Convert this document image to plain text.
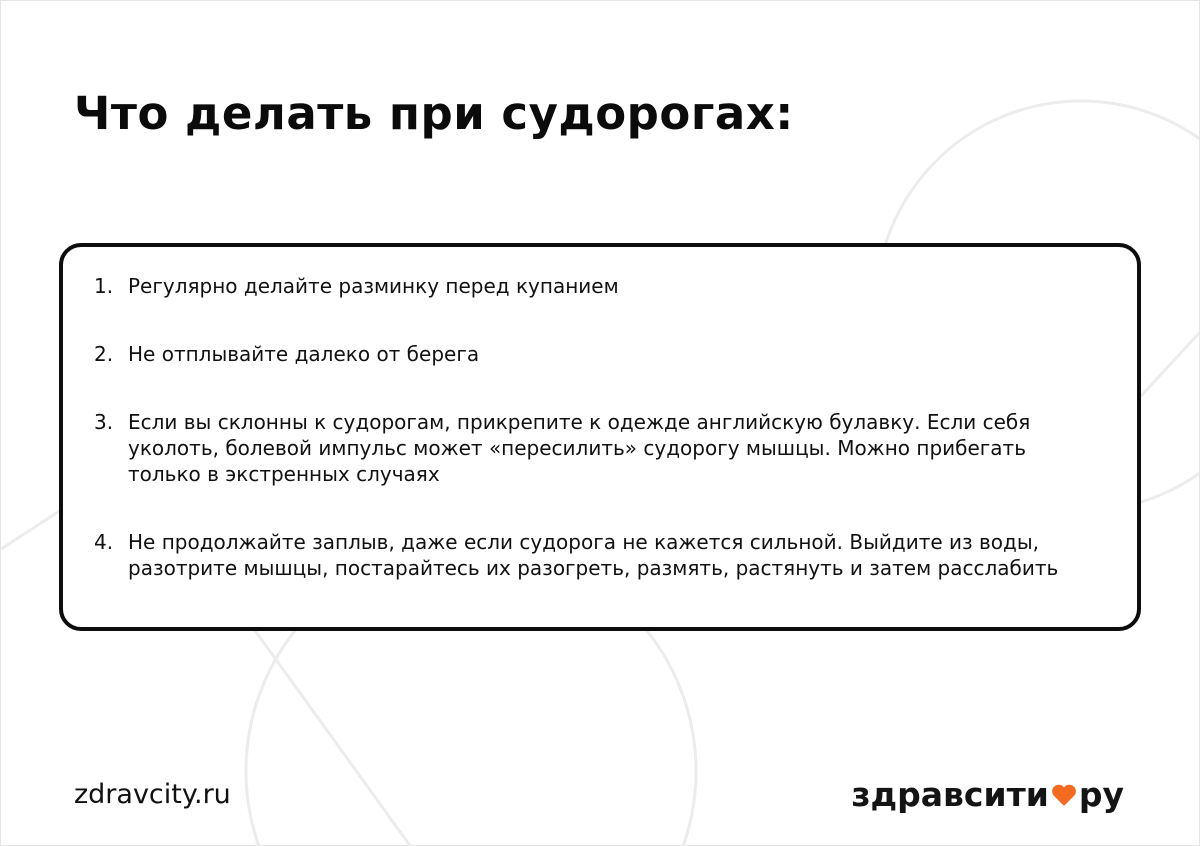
Что делать при судорогах:
1. Регулярно делайте разминку перед купанием
2. Не отплывайте далеко от берега
3. Если вы склонны к судорогам, прикрепите к одежде английскую булавку. Если себя уколоть, болевой импульс может «пересилить» судорогу мышцы. Можно прибегать только в экстренных случаях
4. Не продолжайте заплыв, даже если судорога не кажется сильной. Выйдите из воды, разотрите мышцы, постарайтесь их разогреть, размять, растянуть и затем расслабить
zdravcity.ru	здравсити ру
